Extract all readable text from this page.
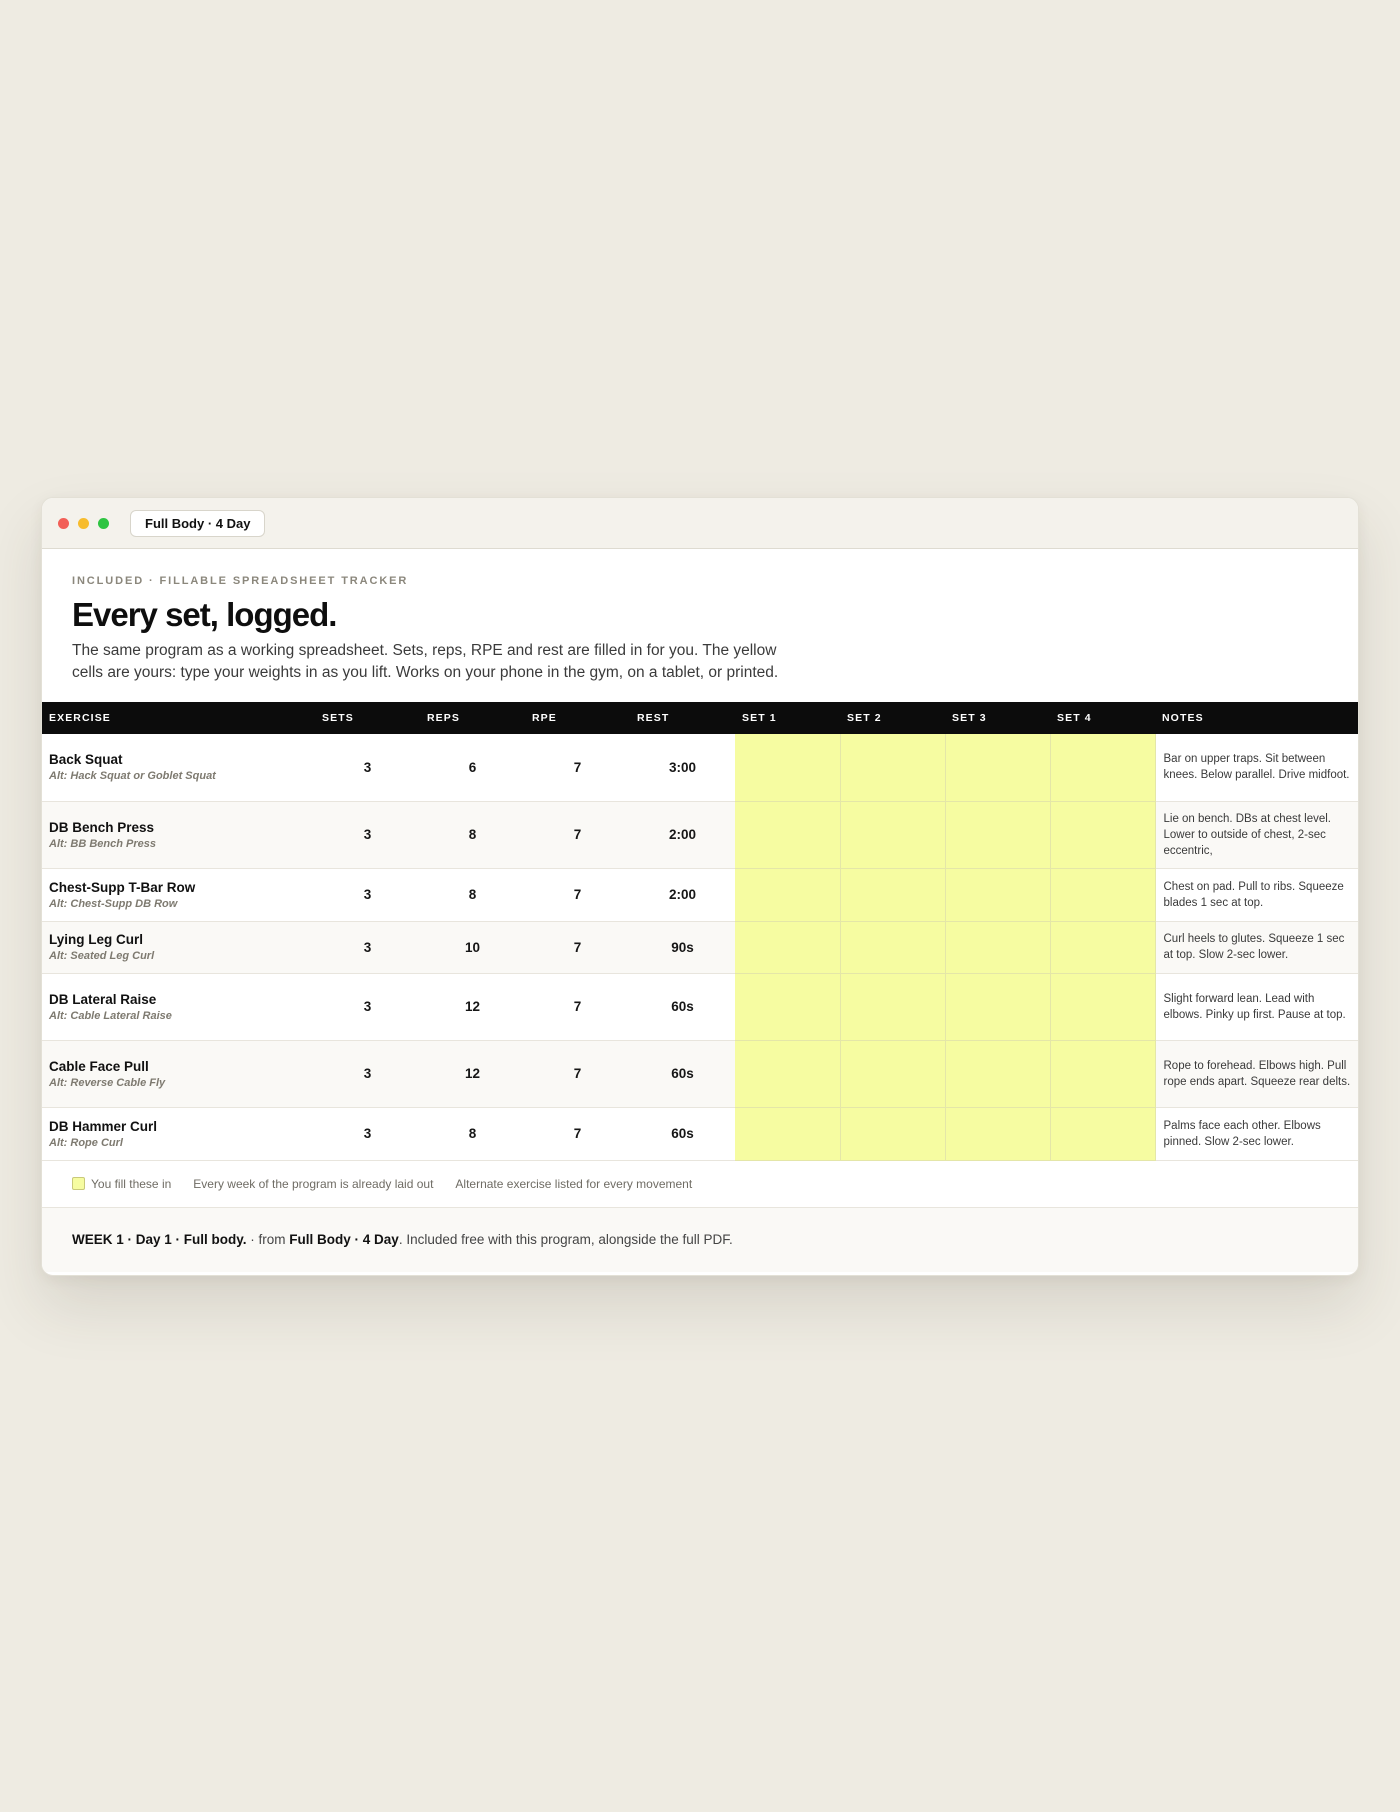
Full Body · 4 Day
INCLUDED · FILLABLE SPREADSHEET TRACKER
Every set, logged.
The same program as a working spreadsheet. Sets, reps, RPE and rest are filled in for you. The yellow cells are yours: type your weights in as you lift. Works on your phone in the gym, on a tablet, or printed.
EXERCISE	SETS	REPS	RPE	REST	SET 1	SET 2	SET 3	SET 4	NOTES

Back Squat
Alt: Hack Squat or Goblet Squat	3	6	7	3:00					Bar on upper traps. Sit between knees. Below parallel. Drive midfoot.

DB Bench Press
Alt: BB Bench Press	3	8	7	2:00					Lie on bench. DBs at chest level. Lower to outside of chest, 2-sec eccentric,

Chest-Supp T-Bar Row
Alt: Chest-Supp DB Row	3	8	7	2:00					Chest on pad. Pull to ribs. Squeeze blades 1 sec at top.

Lying Leg Curl
Alt: Seated Leg Curl	3	10	7	90s					Curl heels to glutes. Squeeze 1 sec at top. Slow 2-sec lower.

DB Lateral Raise
Alt: Cable Lateral Raise	3	12	7	60s					Slight forward lean. Lead with elbows. Pinky up first. Pause at top.

Cable Face Pull
Alt: Reverse Cable Fly	3	12	7	60s					Rope to forehead. Elbows high. Pull rope ends apart. Squeeze rear delts.

DB Hammer Curl
Alt: Rope Curl	3	8	7	60s					Palms face each other. Elbows pinned. Slow 2-sec lower.
You fill these in Every week of the program is already laid out Alternate exercise listed for every movement
WEEK 1 · Day 1 · Full body. · from Full Body · 4 Day . Included free with this program, alongside the full PDF.
